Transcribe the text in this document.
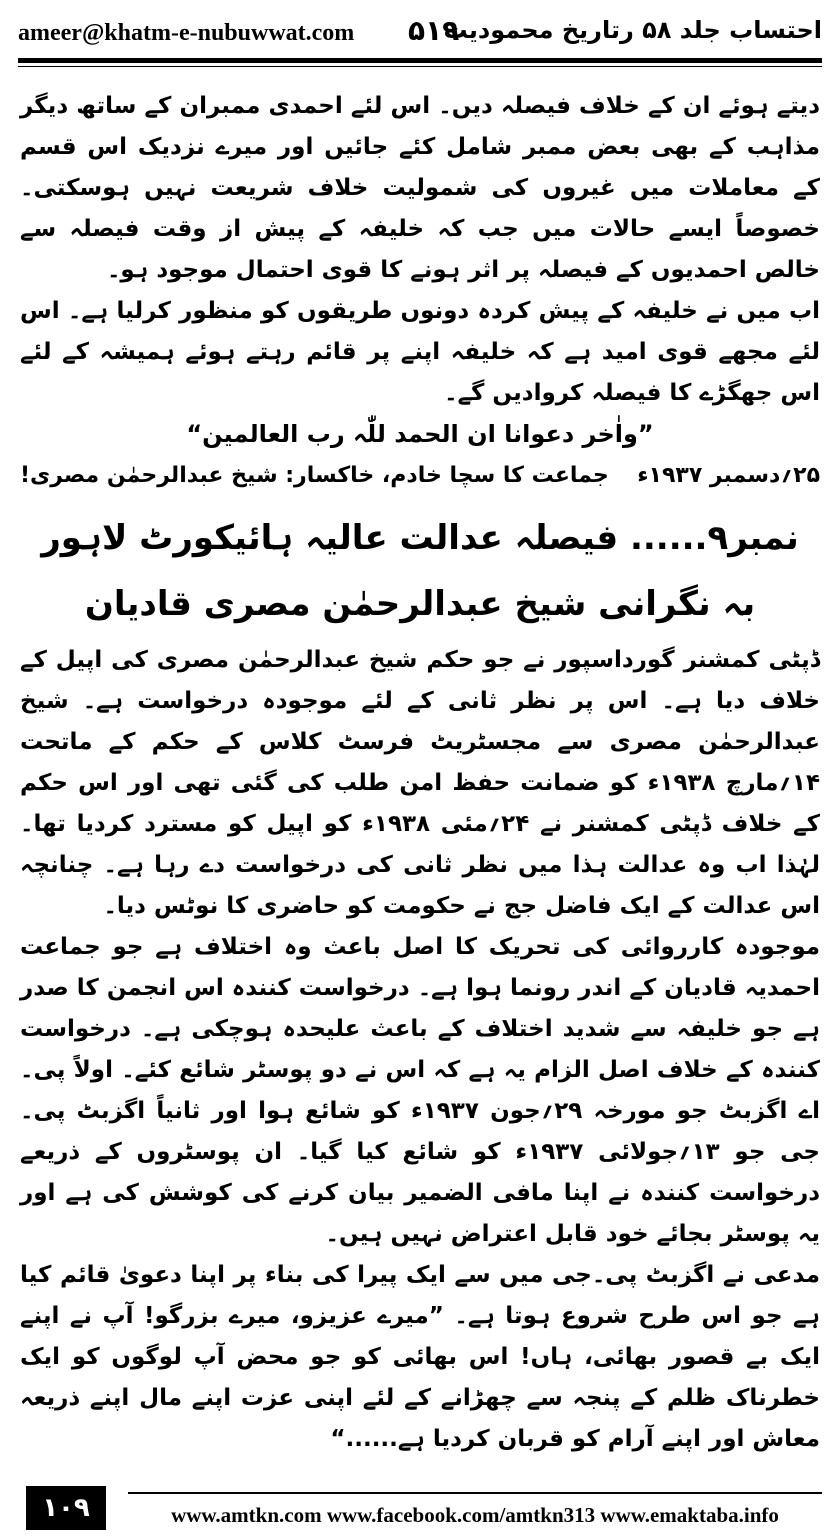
ameer@khatm-e-nubuwwat.com ۵۱۹
احتساب جلد ۵۸ رتاریخ محمودیت

دیتے ہوئے ان کے خلاف فیصلہ دیں۔ اس لئے احمدی ممبران کے ساتھ دیگر مذاہب کے بھی بعض ممبر شامل کئے جائیں اور میرے نزدیک اس قسم کے معاملات میں غیروں کی شمولیت خلاف شریعت نہیں ہوسکتی۔ خصوصاً ایسے حالات میں جب کہ خلیفہ کے پیش از وقت فیصلہ سے خالص احمدیوں کے فیصلہ پر اثر ہونے کا قوی احتمال موجود ہو۔

اب میں نے خلیفہ کے پیش کردہ دونوں طریقوں کو منظور کرلیا ہے۔ اس لئے مجھے قوی امید ہے کہ خلیفہ اپنے پر قائم رہتے ہوئے ہمیشہ کے لئے اس جھگڑے کا فیصلہ کروادیں گے۔

”واٰخر دعوانا ان الحمد للّٰہ رب العالمین“

۲۵؍دسمبر ۱۹۳۷ء
جماعت کا سچا خادم، خاکسار: شیخ عبدالرحمٰن مصری!

نمبر۹...... فیصلہ عدالت عالیہ ہائیکورٹ لاہور
بہ نگرانی شیخ عبدالرحمٰن مصری قادیان

ڈپٹی کمشنر گورداسپور نے جو حکم شیخ عبدالرحمٰن مصری کی اپیل کے خلاف دیا ہے۔ اس پر نظر ثانی کے لئے موجودہ درخواست ہے۔ شیخ عبدالرحمٰن مصری سے مجسٹریٹ فرسٹ کلاس کے حکم کے ماتحت ۱۴؍مارچ ۱۹۳۸ء کو ضمانت حفظ امن طلب کی گئی تھی اور اس حکم کے خلاف ڈپٹی کمشنر نے ۲۴؍مئی ۱۹۳۸ء کو اپیل کو مسترد کردیا تھا۔ لہٰذا اب وہ عدالت ہذا میں نظر ثانی کی درخواست دے رہا ہے۔ چنانچہ اس عدالت کے ایک فاضل جج نے حکومت کو حاضری کا نوٹس دیا۔

موجودہ کارروائی کی تحریک کا اصل باعث وہ اختلاف ہے جو جماعت احمدیہ قادیان کے اندر رونما ہوا ہے۔ درخواست کنندہ اس انجمن کا صدر ہے جو خلیفہ سے شدید اختلاف کے باعث علیحدہ ہوچکی ہے۔ درخواست کنندہ کے خلاف اصل الزام یہ ہے کہ اس نے دو پوسٹر شائع کئے۔ اولاً پی۔اے اگزبٹ جو مورخہ ۲۹؍جون ۱۹۳۷ء کو شائع ہوا اور ثانیاً اگزبٹ پی۔جی جو ۱۳؍جولائی ۱۹۳۷ء کو شائع کیا گیا۔ ان پوسٹروں کے ذریعے درخواست کنندہ نے اپنا مافی الضمیر بیان کرنے کی کوشش کی ہے اور یہ پوسٹر بجائے خود قابل اعتراض نہیں ہیں۔

مدعی نے اگزبٹ پی۔جی میں سے ایک پیرا کی بناء پر اپنا دعویٰ قائم کیا ہے جو اس طرح شروع ہوتا ہے۔ ”میرے عزیزو، میرے بزرگو! آپ نے اپنے ایک بے قصور بھائی، ہاں! اس بھائی کو جو محض آپ لوگوں کو ایک خطرناک ظلم کے پنجہ سے چھڑانے کے لئے اپنی عزت اپنے مال اپنے ذریعہ معاش اور اپنے آرام کو قربان کردیا ہے......“

۱۰۹	www.amtkn.com www.facebook.com/amtkn313 www.emaktaba.info
